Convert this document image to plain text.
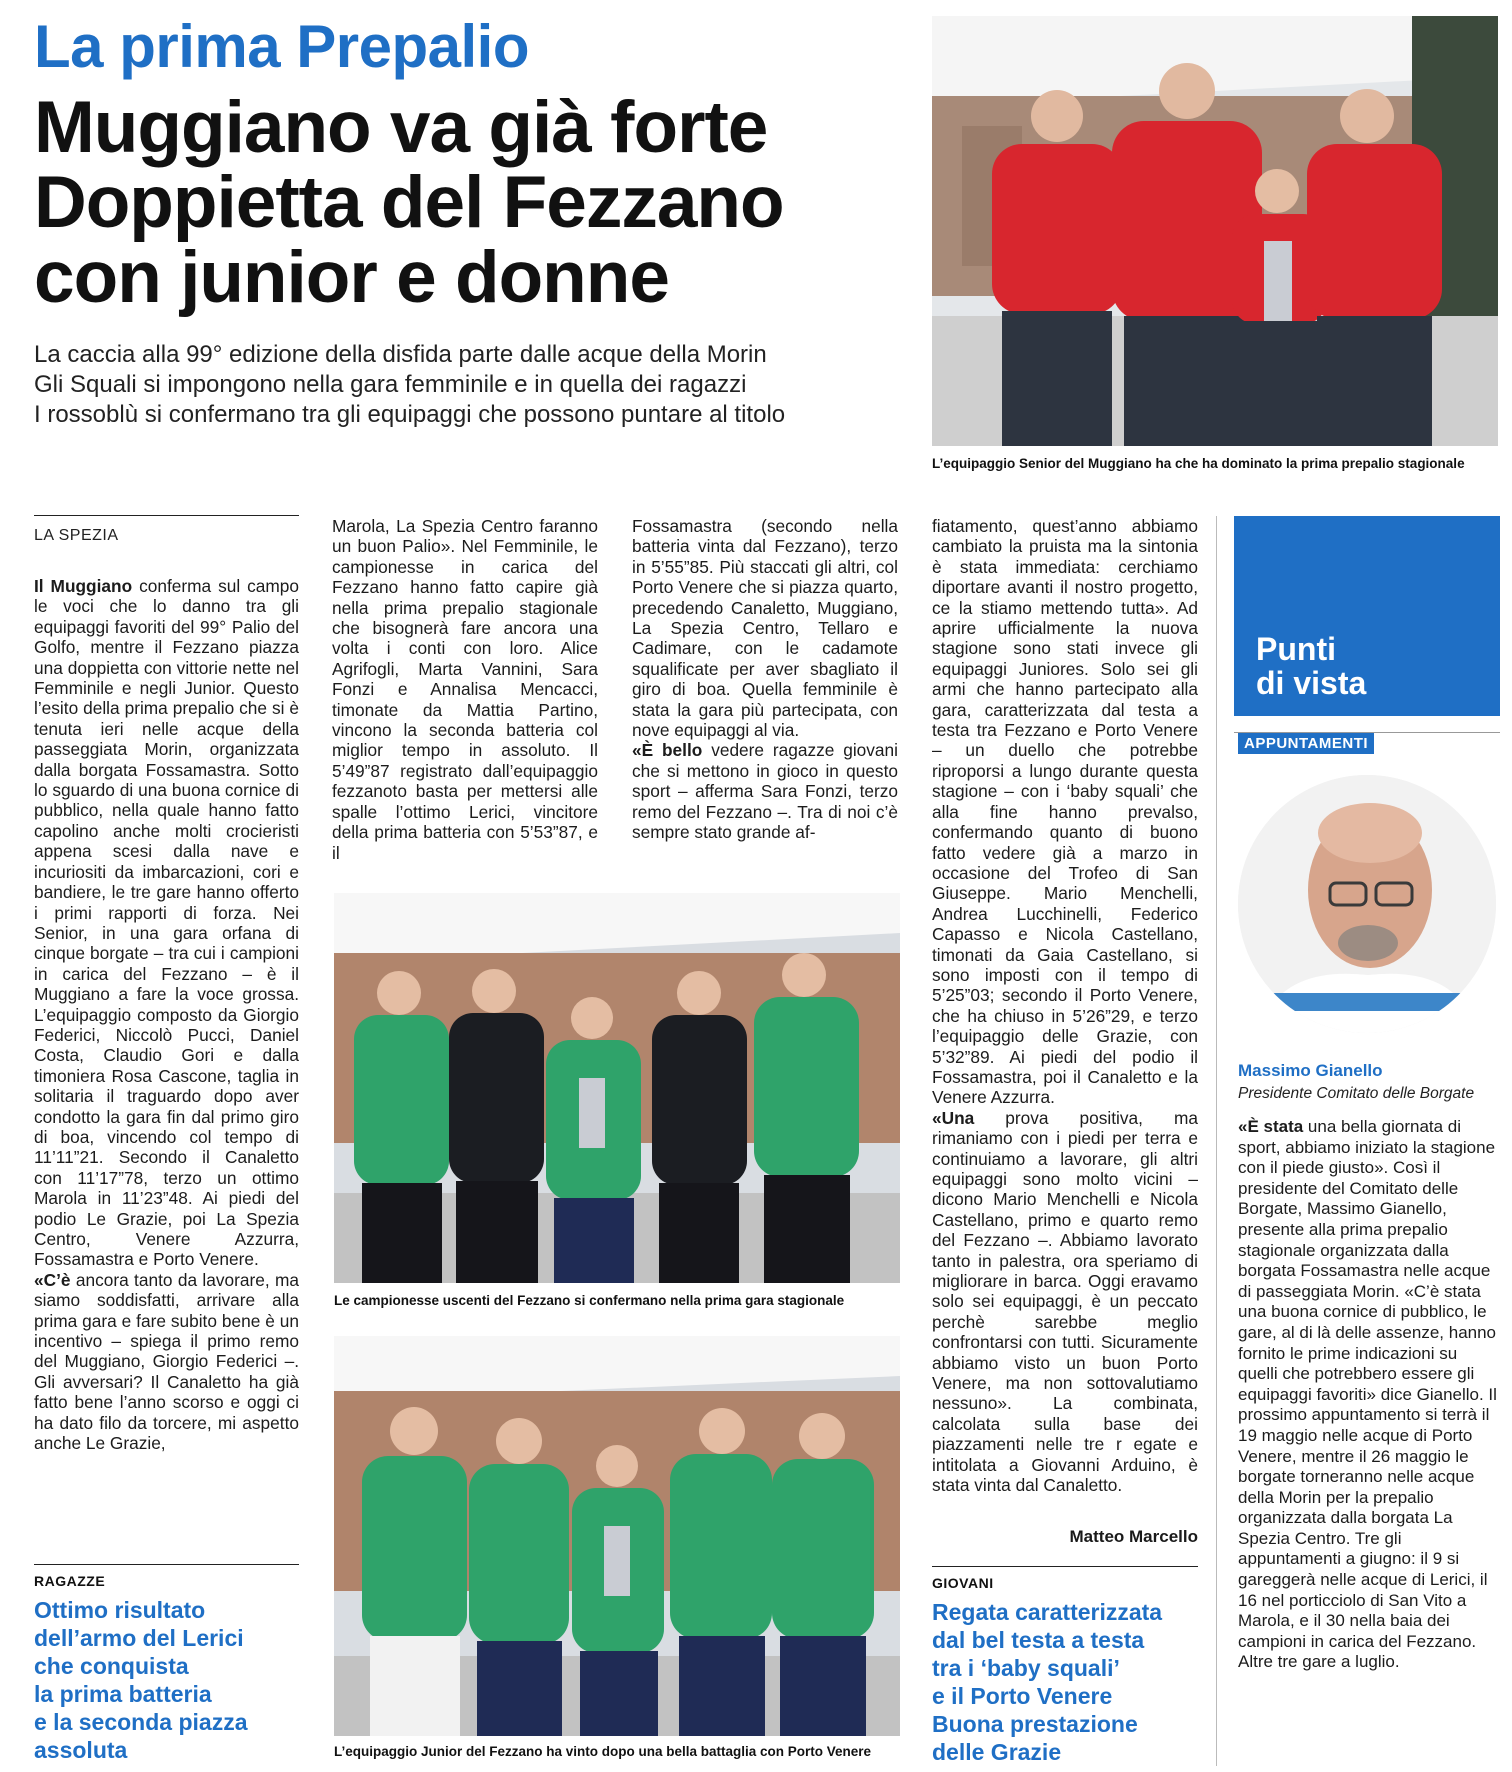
La prima Prepalio
Muggiano va già forte
Doppietta del Fezzano
con junior e donne
La caccia alla 99° edizione della disfida parte dalle acque della Morin
Gli Squali si impongono nella gara femminile e in quella dei ragazzi
I rossoblù si confermano tra gli equipaggi che possono puntare al titolo
L’equipaggio Senior del Muggiano ha che ha dominato la prima prepalio stagionale
LA SPEZIA

Il Muggiano conferma sul campo le voci che lo danno tra gli equipaggi favoriti del 99° Palio del Golfo, mentre il Fezzano piazza una doppietta con vittorie nette nel Femminile e negli Junior. Questo l’esito della prima prepalio che si è tenuta ieri nelle acque della passeggiata Morin, organizzata dalla borgata Fossamastra. Sotto lo sguardo di una buona cornice di pubblico, nella quale hanno fatto capolino anche molti crocieristi appena scesi dalla nave e incuriositi da imbarcazioni, cori e bandiere, le tre gare hanno offerto i primi rapporti di forza. Nei Senior, in una gara orfana di cinque borgate – tra cui i campioni in carica del Fezzano – è il Muggiano a fare la voce grossa. L’equipaggio composto da Giorgio Federici, Niccolò Pucci, Daniel Costa, Claudio Gori e dalla timoniera Rosa Cascone, taglia in solitaria il traguardo dopo aver condotto la gara fin dal primo giro di boa, vincendo col tempo di 11’11”21. Secondo il Canaletto con 11’17”78, terzo un ottimo Marola in 11’23”48. Ai piedi del podio Le Grazie, poi La Spezia Centro, Venere Azzurra, Fossamastra e Porto Venere.

«C’è ancora tanto da lavorare, ma siamo soddisfatti, arrivare alla prima gara e fare subito bene è un incentivo – spiega il primo remo del Muggiano, Giorgio Federici –. Gli avversari? Il Canaletto ha già fatto bene l’anno scorso e oggi ci ha dato filo da torcere, mi aspetto anche Le Grazie,

RAGAZZE
Ottimo risultato
dell’armo del Lerici
che conquista
la prima batteria
e la seconda piazza
assoluta

Marola, La Spezia Centro faranno un buon Palio». Nel Femminile, le campionesse in carica del Fezzano hanno fatto capire già nella prima prepalio stagionale che bisognerà fare ancora una volta i conti con loro. Alice Agrifogli, Marta Vannini, Sara Fonzi e Annalisa Mencacci, timonate da Mattia Partino, vincono la seconda batteria col miglior tempo in assoluto. Il 5’49”87 registrato dall’equipaggio fezzanoto basta per mettersi alle spalle l’ottimo Lerici, vincitore della prima batteria con 5’53”87, e il

Fossamastra (secondo nella batteria vinta dal Fezzano), terzo in 5’55”85. Più staccati gli altri, col Porto Venere che si piazza quarto, precedendo Canaletto, Muggiano, La Spezia Centro, Tellaro e Cadimare, con le cadamote squalificate per aver sbagliato il giro di boa. Quella femminile è stata la gara più partecipata, con nove equipaggi al via.

«È bello vedere ragazze giovani che si mettono in gioco in questo sport – afferma Sara Fonzi, terzo remo del Fezzano –. Tra di noi c’è sempre stato grande af-

Le campionesse uscenti del Fezzano si confermano nella prima gara stagionale
L’equipaggio Junior del Fezzano ha vinto dopo una bella battaglia con Porto Venere

fiatamento, quest’anno abbiamo cambiato la pruista ma la sintonia è stata immediata: cerchiamo diportare avanti il nostro progetto, ce la stiamo mettendo tutta». Ad aprire ufficialmente la nuova stagione sono stati invece gli equipaggi Juniores. Solo sei gli armi che hanno partecipato alla gara, caratterizzata dal testa a testa tra Fezzano e Porto Venere – un duello che potrebbe riproporsi a lungo durante questa stagione – con i ‘baby squali’ che alla fine hanno prevalso, confermando quanto di buono fatto vedere già a marzo in occasione del Trofeo di San Giuseppe. Mario Menchelli, Andrea Lucchinelli, Federico Capasso e Nicola Castellano, timonati da Gaia Castellano, si sono imposti con il tempo di 5’25”03; secondo il Porto Venere, che ha chiuso in 5’26”29, e terzo l’equipaggio delle Grazie, con 5’32”89. Ai piedi del podio il Fossamastra, poi il Canaletto e la Venere Azzurra.

«Una prova positiva, ma rimaniamo con i piedi per terra e continuiamo a lavorare, gli altri equipaggi sono molto vicini – dicono Mario Menchelli e Nicola Castellano, primo e quarto remo del Fezzano –. Abbiamo lavorato tanto in palestra, ora speriamo di migliorare in barca. Oggi eravamo solo sei equipaggi, è un peccato perchè sarebbe meglio confrontarsi con tutti. Sicuramente abbiamo visto un buon Porto Venere, ma non sottovalutiamo nessuno». La combinata, calcolata sulla base dei piazzamenti nelle tre r egate e intitolata a Giovanni Arduino, è stata vinta dal Canaletto.

Matteo Marcello
GIOVANI
Regata caratterizzata
dal bel testa a testa
tra i ‘baby squali’
e il Porto Venere
Buona prestazione
delle Grazie
Punti
di vista
APPUNTAMENTI
Massimo Gianello
Presidente Comitato delle Borgate

«È stata una bella giornata di sport, abbiamo iniziato la stagione con il piede giusto». Così il presidente del Comitato delle Borgate, Massimo Gianello, presente alla prima prepalio stagionale organizzata dalla borgata Fossamastra nelle acque di passeggiata Morin. «C’è stata una buona cornice di pubblico, le gare, al di là delle assenze, hanno fornito le prime indicazioni su quelli che potrebbero essere gli equipaggi favoriti» dice Gianello. Il prossimo appuntamento si terrà il 19 maggio nelle acque di Porto Venere, mentre il 26 maggio le borgate torneranno nelle acque della Morin per la prepalio organizzata dalla borgata La Spezia Centro. Tre gli appuntamenti a giugno: il 9 si gareggerà nelle acque di Lerici, il 16 nel porticciolo di San Vito a Marola, e il 30 nella baia dei campioni in carica del Fezzano. Altre tre gare a luglio.
